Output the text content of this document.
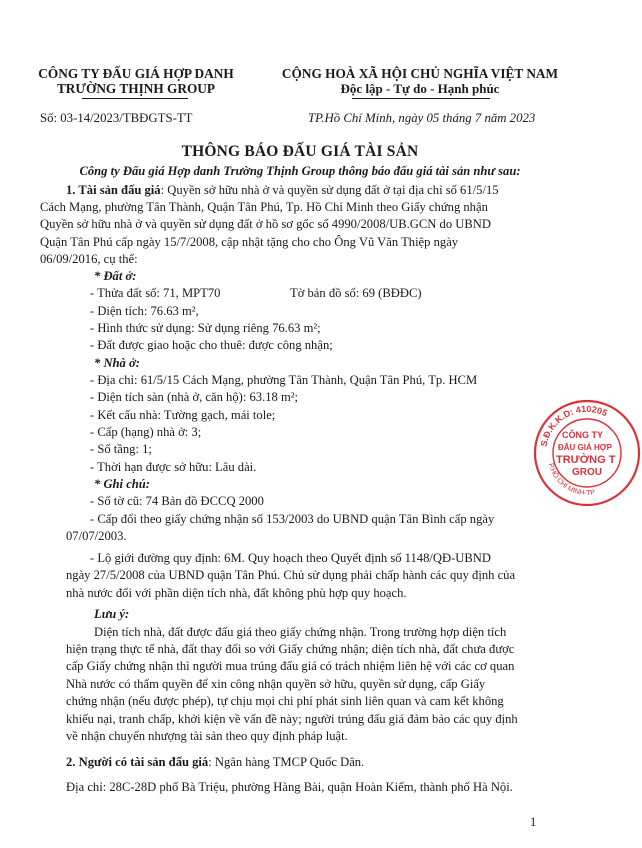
CÔNG TY ĐẤU GIÁ HỢP DANH
TRƯỜNG THỊNH GROUP
CỘNG HOÀ XÃ HỘI CHỦ NGHĨA VIỆT NAM
Độc lập - Tự do - Hạnh phúc
Số: 03-14/2023/TBĐGTS-TT	TP.Hồ Chí Minh, ngày 05 tháng 7 năm 2023
THÔNG BÁO ĐẤU GIÁ TÀI SẢN
Công ty Đấu giá Hợp danh Trường Thịnh Group thông báo đấu giá tài sản như sau:
1. Tài sản đấu giá: Quyền sở hữu nhà ở và quyền sử dụng đất ở tại địa chỉ số 61/5/15
Cách Mạng, phường Tân Thành, Quận Tân Phú, Tp. Hồ Chí Minh theo Giấy chứng nhận
Quyền sở hữu nhà ở và quyền sử dụng đất ở hồ sơ gốc số 4990/2008/UB.GCN do UBND
Quận Tân Phú cấp ngày 15/7/2008, cập nhật tặng cho cho Ông Vũ Văn Thiệp ngày
06/09/2016, cụ thể:
* Đất ở:
- Thửa đất số: 71, MPT70	Tờ bản đồ số: 69 (BĐĐC)
- Diện tích: 76.63 m²,
- Hình thức sử dụng: Sử dụng riêng 76.63 m²;
- Đất được giao hoặc cho thuê: được công nhận;
* Nhà ở:
- Địa chỉ: 61/5/15 Cách Mạng, phường Tân Thành, Quận Tân Phú, Tp. HCM
- Diện tích sàn (nhà ở, căn hộ): 63.18 m²;
- Kết cấu nhà: Tường gạch, mái tole;
- Cấp (hạng) nhà ở: 3;
- Số tầng: 1;
- Thời hạn được sở hữu: Lâu dài.
* Ghi chú:
- Số tờ cũ: 74 Bản đồ ĐCCQ 2000
- Cấp đổi theo giấy chứng nhận số 153/2003 do UBND quận Tân Bình cấp ngày
07/07/2003.
- Lộ giới đường quy định: 6M. Quy hoạch theo Quyết định số 1148/QĐ-UBND
ngày 27/5/2008 của UBND quận Tân Phú. Chủ sử dụng phải chấp hành các quy định của
nhà nước đối với phần diện tích nhà, đất không phù hợp quy hoạch.
Lưu ý:
Diện tích nhà, đất được đấu giá theo giấy chứng nhận. Trong trường hợp diện tích
hiện trạng thực tế nhà, đất thay đổi so với Giấy chứng nhận; diện tích nhà, đất chưa được
cấp Giấy chứng nhận thì người mua trúng đấu giá có trách nhiệm liên hệ với các cơ quan
Nhà nước có thẩm quyền để xin công nhận quyền sở hữu, quyền sử dụng, cấp Giấy
chứng nhận (nếu được phép), tự chịu mọi chi phí phát sinh liên quan và cam kết không
khiếu nại, tranh chấp, khởi kiện về vấn đề này; người trúng đấu giá đảm bảo các quy định
về nhận chuyển nhượng tài sản theo quy định pháp luật.
2. Người có tài sản đấu giá: Ngân hàng TMCP Quốc Dân.
Địa chỉ: 28C-28D phố Bà Triệu, phường Hàng Bài, quận Hoàn Kiếm, thành phố Hà Nội.
1
S.Đ.K.K.D: 410205
P.HỒ CHÍ MINH-TP
CÔNG TY
ĐẤU GIÁ HỢP
TRƯỜNG T
GROU
